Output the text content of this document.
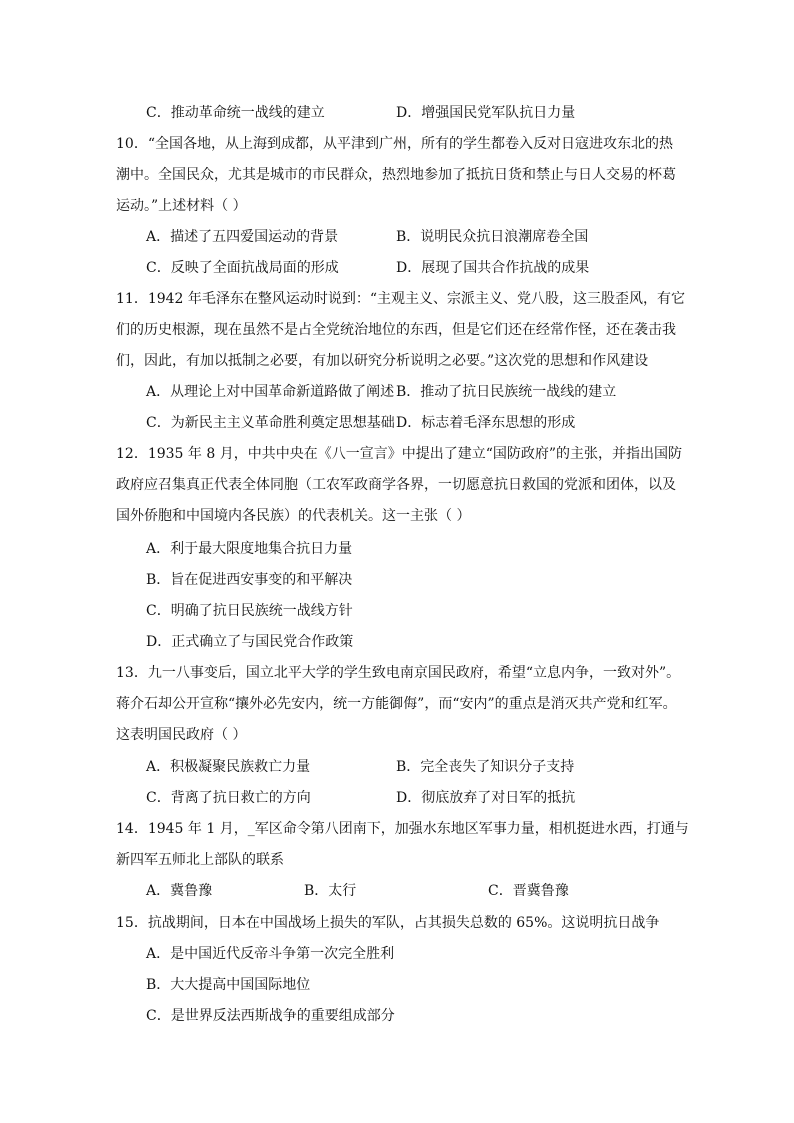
C．推动革命统一战线的建立	D．增强国民党军队抗日力量
10．“全国各地，从上海到成都，从平津到广州，所有的学生都卷入反对日寇进攻东北的热
潮中。全国民众，尤其是城市的市民群众，热烈地参加了抵抗日货和禁止与日人交易的杯葛
运动。”上述材料（ ）
A．描述了五四爱国运动的背景	B．说明民众抗日浪潮席卷全国
C．反映了全面抗战局面的形成	D．展现了国共合作抗战的成果
11．1942 年毛泽东在整风运动时说到：“主观主义、宗派主义、党八股，这三股歪风，有它
们的历史根源，现在虽然不是占全党统治地位的东西，但是它们还在经常作怪，还在袭击我
们，因此，有加以抵制之必要，有加以研究分析说明之必要。”这次党的思想和作风建设
A．从理论上对中国革命新道路做了阐述 B．推动了抗日民族统一战线的建立
C．为新民主主义革命胜利奠定思想基础 D．标志着毛泽东思想的形成
12．1935 年 8 月，中共中央在《八一宣言》中提出了建立“国防政府”的主张，并指出国防
政府应召集真正代表全体同胞（工农军政商学各界，一切愿意抗日救国的党派和团体，以及
国外侨胞和中国境内各民族）的代表机关。这一主张（ ）
A．利于最大限度地集合抗日力量
B．旨在促进西安事变的和平解决
C．明确了抗日民族统一战线方针
D．正式确立了与国民党合作政策
13．九一八事变后，国立北平大学的学生致电南京国民政府，希望“立息内争，一致对外”。
蒋介石却公开宣称“攘外必先安内，统一方能御侮”，而“安内”的重点是消灭共产党和红军。
这表明国民政府（ ）
A．积极凝聚民族救亡力量	B．完全丧失了知识分子支持
C．背离了抗日救亡的方向	D．彻底放弃了对日军的抵抗
14．1945 年 1 月，_军区命令第八团南下，加强水东地区军事力量，相机挺进水西，打通与
新四军五师北上部队的联系
A．冀鲁豫	B．太行	C．晋冀鲁豫
15．抗战期间，日本在中国战场上损失的军队，占其损失总数的 65%。这说明抗日战争
A．是中国近代反帝斗争第一次完全胜利
B．大大提高中国国际地位
C．是世界反法西斯战争的重要组成部分
